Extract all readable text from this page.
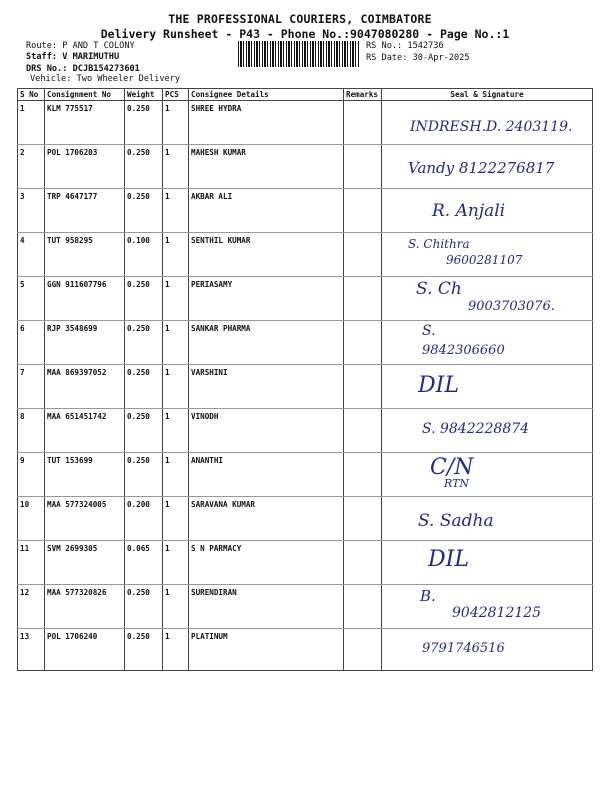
THE PROFESSIONAL COURIERS, COIMBATORE
Delivery Runsheet - P43 - Phone No.:9047080280 - Page No.:1
Route: P AND T COLONY
Staff: V MARIMUTHU
DRS No.: DCJB154273601
Vehicle: Two Wheeler Delivery
RS No.: 1542736
RS Date: 30-Apr-2025
S No	Consignment No	Weight	PCS	Consignee Details	Remarks	Seal & Signature
1	KLM 775517	0.250	1	SHREE HYDRA		INDRESH.D. 2403119.

2	POL 1706203	0.250	1	MAHESH KUMAR		Vandy 8122276817

3	TRP 4647177	0.250	1	AKBAR ALI		R. Anjali

4	TUT 958295	0.100	1	SENTHIL KUMAR		S. Chithra
9600281107

5	GGN 911607796	0.250	1	PERIASAMY		S. Ch
9003703076.

6	RJP 3548699	0.250	1	SANKAR PHARMA		S.
9842306660

7	MAA 869397052	0.250	1	VARSHINI		DIL

8	MAA 651451742	0.250	1	VINODH		S. 9842228874

9	TUT 153699	0.250	1	ANANTHI		C/N
RTN

10	MAA 577324005	0.200	1	SARAVANA KUMAR		S. Sadha

11	SVM 2699305	0.065	1	S N PARMACY		DIL

12	MAA 577320826	0.250	1	SURENDIRAN		B.
9042812125

13	POL 1706240	0.250	1	PLATINUM		9791746516
